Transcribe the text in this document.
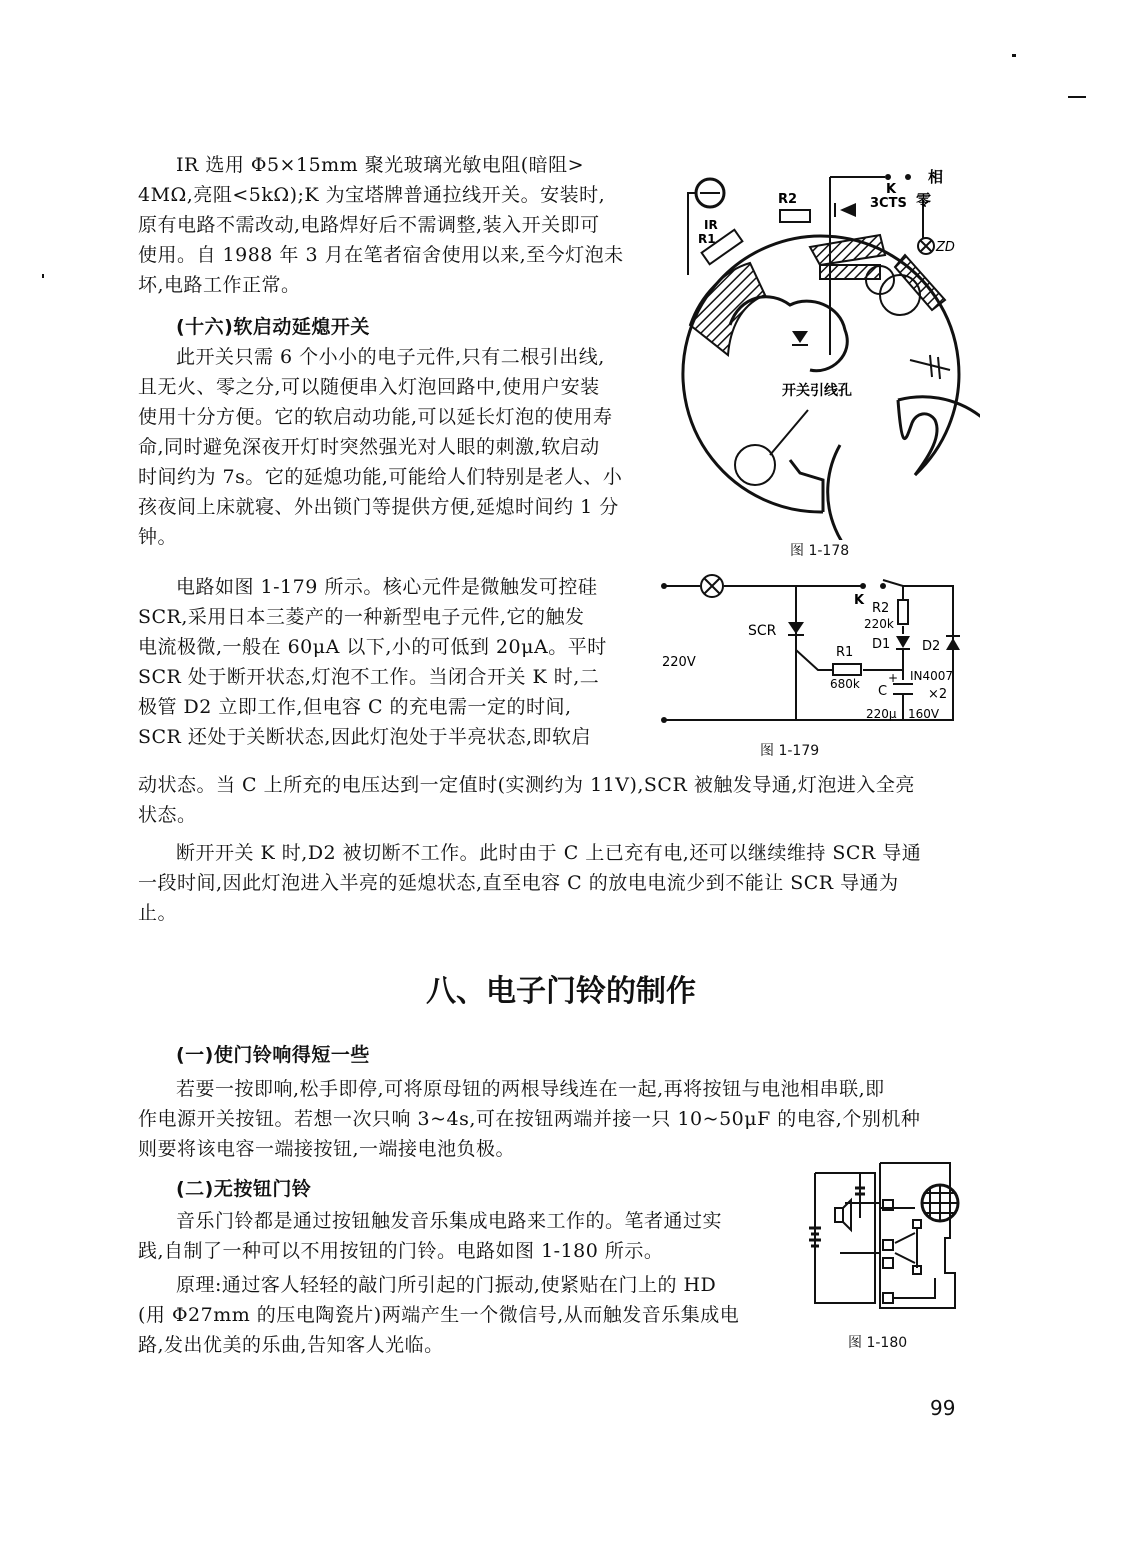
IR 选用 Φ5×15mm 聚光玻璃光敏电阻(暗阻>
4MΩ,亮阻<5kΩ);K 为宝塔牌普通拉线开关。安装时,
原有电路不需改动,电路焊好后不需调整,装入开关即可
使用。自 1988 年 3 月在笔者宿舍使用以来,至今灯泡未
坏,电路工作正常。
(十六)软启动延熄开关
此开关只需 6 个小小的电子元件,只有二根引出线,
且无火、零之分,可以随便串入灯泡回路中,使用户安装
使用十分方便。它的软启动功能,可以延长灯泡的使用寿
命,同时避免深夜开灯时突然强光对人眼的刺激,软启动
时间约为 7s。它的延熄功能,可能给人们特别是老人、小
孩夜间上床就寝、外出锁门等提供方便,延熄时间约 1 分
钟。
电路如图 1-179 所示。核心元件是微触发可控硅
SCR,采用日本三菱产的一种新型电子元件,它的触发
电流极微,一般在 60μA 以下,小的可低到 20μA。平时
SCR 处于断开状态,灯泡不工作。当闭合开关 K 时,二
极管 D2 立即工作,但电容 C 的充电需一定的时间,
SCR 还处于关断状态,因此灯泡处于半亮状态,即软启
动状态。当 C 上所充的电压达到一定值时(实测约为 11V),SCR 被触发导通,灯泡进入全亮
状态。
断开开关 K 时,D2 被切断不工作。此时由于 C 上已充有电,还可以继续维持 SCR 导通
一段时间,因此灯泡进入半亮的延熄状态,直至电容 C 的放电电流少到不能让 SCR 导通为
止。
八、电子门铃的制作
(一)使门铃响得短一些
若要一按即响,松手即停,可将原母钮的两根导线连在一起,再将按钮与电池相串联,即
作电源开关按钮。若想一次只响 3~4s,可在按钮两端并接一只 10~50μF 的电容,个别机种
则要将该电容一端接按钮,一端接电池负极。
(二)无按钮门铃
音乐门铃都是通过按钮触发音乐集成电路来工作的。笔者通过实
践,自制了一种可以不用按钮的门铃。电路如图 1-180 所示。
原理:通过客人轻轻的敲门所引起的门振动,使紧贴在门上的 HD
(用 Φ27mm 的压电陶瓷片)两端产生一个微信号,从而触发音乐集成电
路,发出优美的乐曲,告知客人光临。
99
相
零
K
3CTS
R2
IR
R1
ZD
开关引线孔
图 1-178
K
R2
220k
SCR
D1 D2
R1
680k
220V
IN4007
+
C	×2
220μ 160V
图 1-179
图 1-180
